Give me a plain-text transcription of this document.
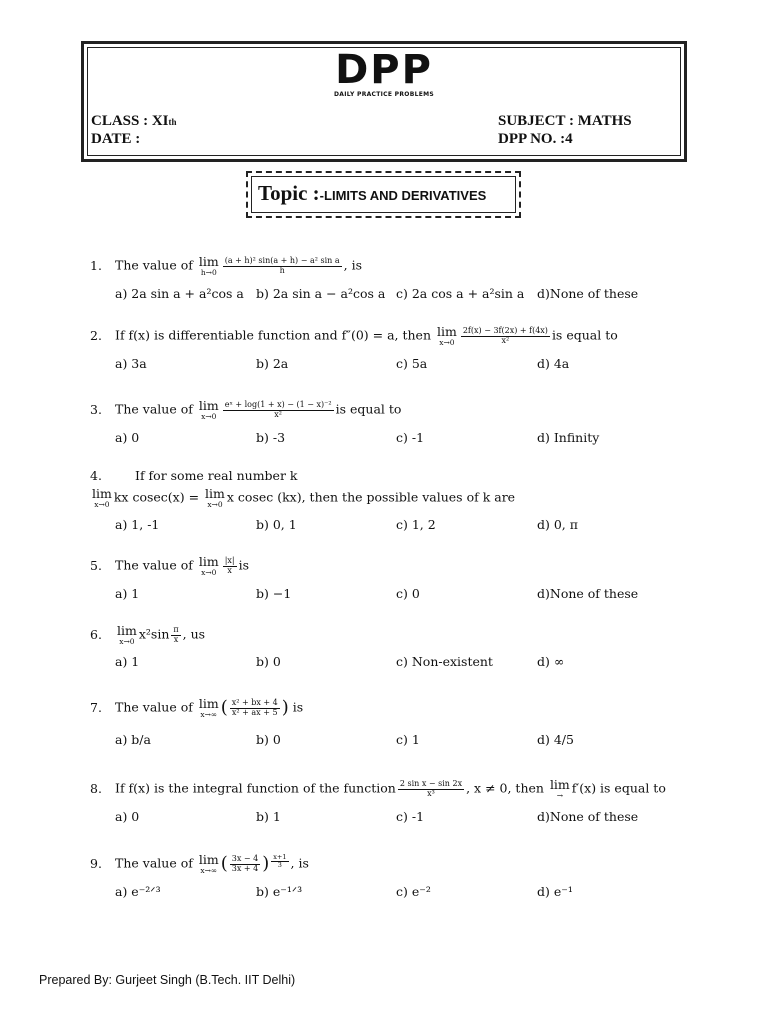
DPP
DAILY PRACTICE PROBLEMS
CLASS : XIth
DATE :
SUBJECT : MATHS
DPP NO. :4
Topic :-LIMITS AND DERIVATIVES
1. The value of lim
$h\to 0 \frac{\text{(a + h)² sin(a + h) − a² sin a}}{h}$ , is
a) 2a sin a + a²cos a b) 2a sin a − a²cos a c) 2a cos a + a²sin a d)None of these
2. If f(x) is differentiable function and f″(0) = a, then lim
$x\to 0 \frac{2f(x) - 3f(2x) + f(4x)}{\text{x²}}$ is equal to
a) 3a	b) 2a	c) 5a	d) 4a
3. The value of lim
$x\to 0 \frac{\text{eˣ + log(1 + x) − (1 − x)⁻²}}{\text{x²}}$ is equal to
a) 0	b) -3	c) -1	d) Infinity
4.	If for some real number k
lim
x→0 kx cosec(x) = lim
x→0 x cosec (kx), then the possible values of k are
a) 1, -1	b) 0, 1	c) 1, 2	d) 0, π
5. The value of lim
$x\to 0 \frac{|x|}{x}$ is
a) 1	b) −1	c) 0	d)None of these
6. lim
x→0 $x^2\sin \frac{\pi}{x}$ , us
a) 1	b) 0	c) Non-existent	d) ∞
7. The value of lim
x→∞ ( $\frac{\text{x² + bx + 4}}{\text{x² + ax + 5}}$ ) is
a) b/a	b) 0	c) 1	d) 4/5
8. If f(x) is the integral function of the function $\frac{\text{2 sin x − sin 2x}}{\text{x³}}$ , x ≠ 0, then lim
→ f′(x) is equal to
a) 0	b) 1	c) -1	d)None of these
9. The value of lim
x→∞ ( $\frac{3x - 4}{3x + 4}$ ) $\frac{x+1}{3}$ , is
a) e⁻²ᐟ³	b) e⁻¹ᐟ³	c) e⁻²	d) e⁻¹
Prepared By: Gurjeet Singh (B.Tech. IIT Delhi)
